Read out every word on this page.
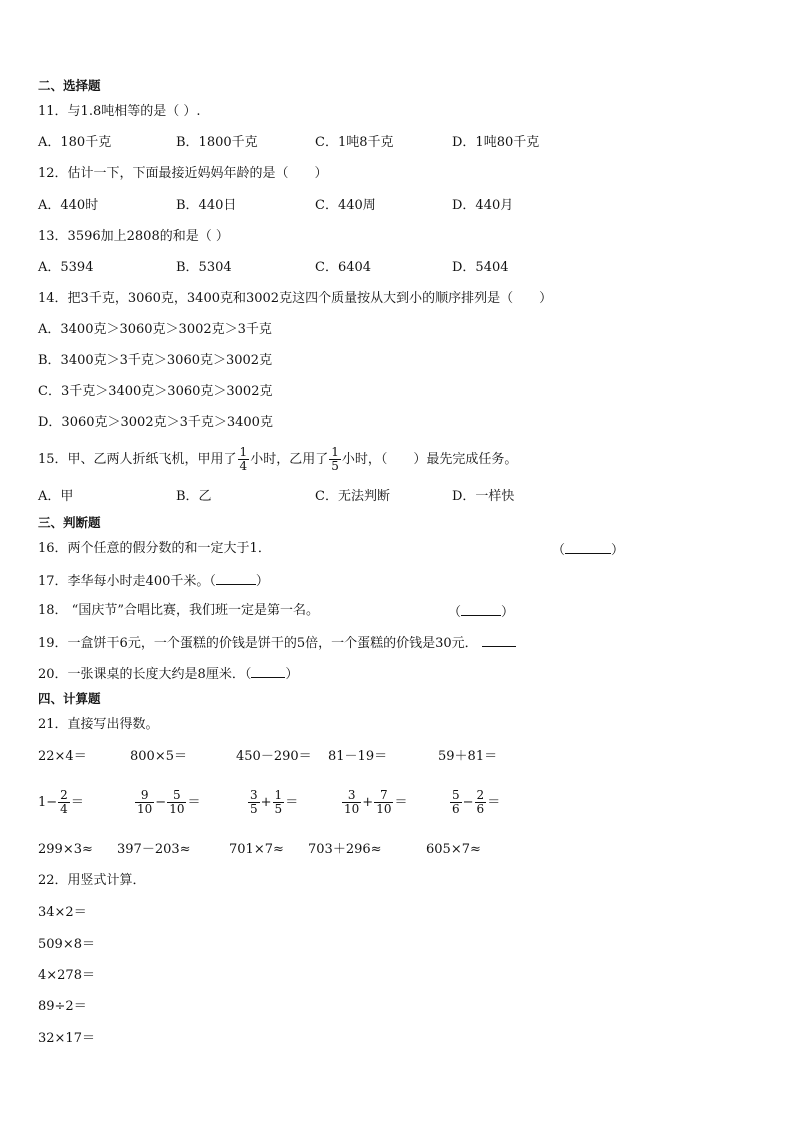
二、选择题
11．与1.8吨相等的是（ ）.
A．180千克	B．1800千克	C．1吨8千克	D．1吨80千克
12．估计一下，下面最接近妈妈年龄的是（　　）
A．440时	B．440日	C．440周	D．440月
13．3596加上2808的和是（ ）
A．5394	B．5304	C．6404	D．5404
14．把3千克，3060克，3400克和3002克这四个质量按从大到小的顺序排列是（　　）
A．3400克＞3060克＞3002克＞3千克
B．3400克＞3千克＞3060克＞3002克
C．3千克＞3400克＞3060克＞3002克
D．3060克＞3002克＞3千克＞3400克
15．甲、乙两人折纸飞机，甲用了 $\frac{1}{4}$ 小时，乙用了 $\frac{1}{5}$ 小时，（　　）最先完成任务。
A．甲	B．乙	C．无法判断	D．一样快
三、判断题
16．两个任意的假分数的和一定大于1．	（	）
17．李华每小时走400千米。（	）
18． “国庆节”合唱比赛，我们班一定是第一名。	（	）
19．一盒饼干6元，一个蛋糕的价钱是饼干的5倍，一个蛋糕的价钱是30元．
20．一张课桌的长度大约是8厘米．（	）
四、计算题
21．直接写出得数。
22×4＝	800×5＝	450－290＝ 81－19＝	59＋81＝
$1- \frac{2}{4}$ ＝	$\frac{9}{10} - \frac{5}{10}$ ＝	$\frac{3}{5} + \frac{1}{5}$ ＝	$\frac{3}{10} + \frac{7}{10}$ ＝	$\frac{5}{6} - \frac{2}{6}$ ＝
299×3≈ 397－203≈	701×7≈ 703＋296≈	605×7≈
22．用竖式计算．
34×2＝
509×8＝
4×278＝
89÷2＝
32×17＝
